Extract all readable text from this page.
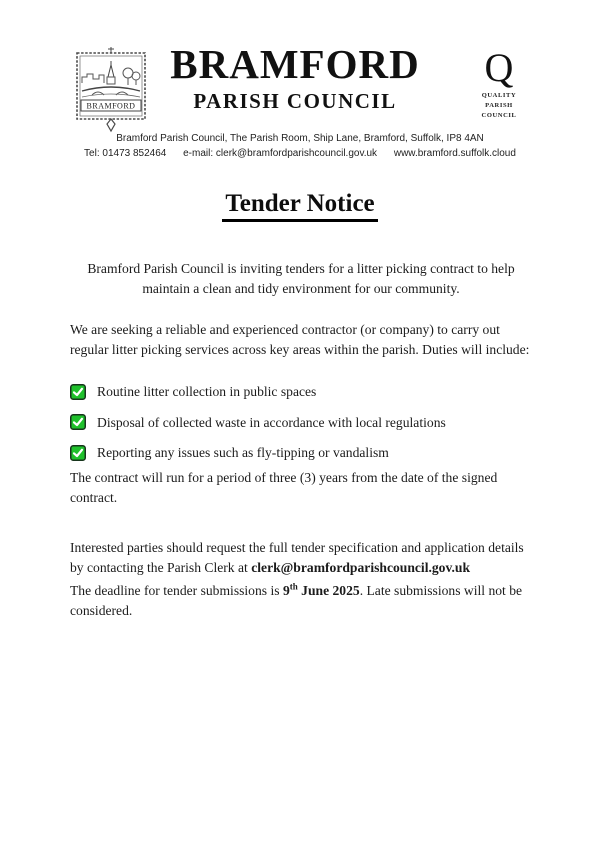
BRAMFORD
BRAMFORD
PARISH COUNCIL
Q
QUALITY
PARISH
COUNCIL
Bramford Parish Council, The Parish Room, Ship Lane, Bramford, Suffolk, IP8 4AN
Tel: 01473 852464 e-mail: clerk@bramfordparishcouncil.gov.uk www.bramford.suffolk.cloud
Tender Notice

Bramford Parish Council is inviting tenders for a litter picking contract to help maintain a clean and tidy environment for our community.

We are seeking a reliable and experienced contractor (or company) to carry out regular litter picking services across key areas within the parish. Duties will include:

Routine litter collection in public spaces
Disposal of collected waste in accordance with local regulations
Reporting any issues such as fly-tipping or vandalism

The contract will run for a period of three (3) years from the date of the signed contract.

Interested parties should request the full tender specification and application details by contacting the Parish Clerk at clerk@bramfordparishcouncil.gov.uk

The deadline for tender submissions is 9th June 2025. Late submissions will not be considered.
